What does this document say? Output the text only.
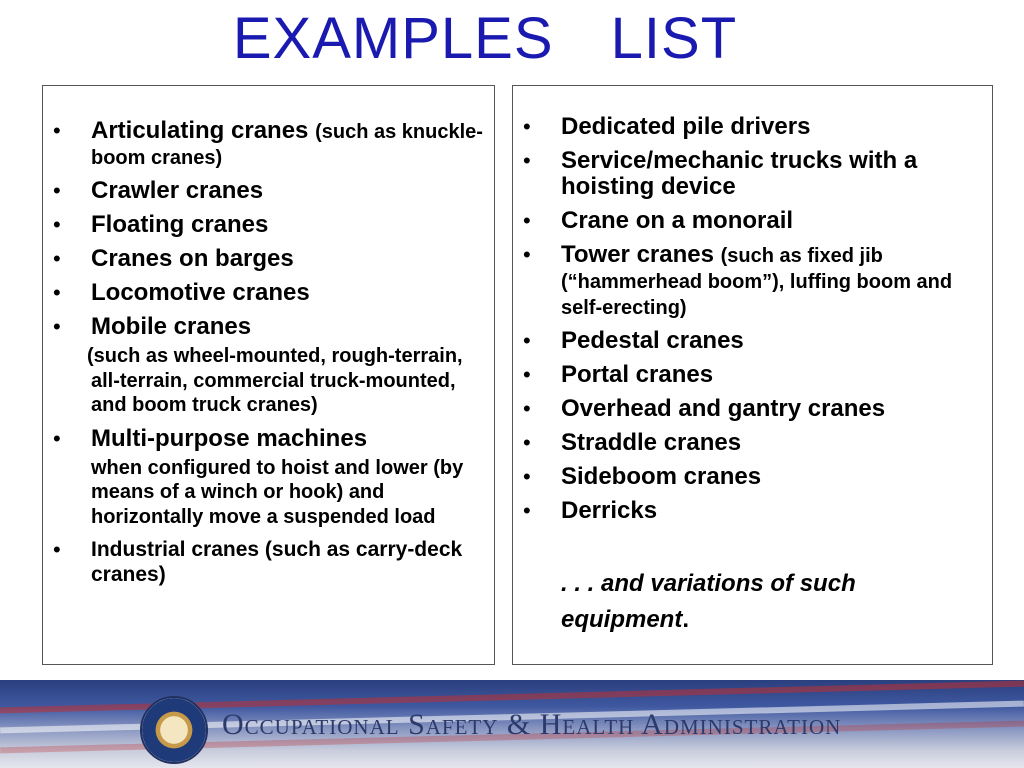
EXAMPLES LIST
• Articulating cranes (such as knuckle-boom cranes)
• Crawler cranes
• Floating cranes
• Cranes on barges
• Locomotive cranes
• Mobile cranes
(such as wheel-mounted, rough-terrain, all-terrain, commercial truck-mounted, and boom truck cranes)
• Multi-purpose machines
when configured to hoist and lower (by means of a winch or hook) and horizontally move a suspended load
• Industrial cranes (such as carry-deck cranes)
• Dedicated pile drivers
• Service/mechanic trucks with a hoisting device
• Crane on a monorail
• Tower cranes (such as fixed jib (“hammerhead boom”), luffing boom and self-erecting)
• Pedestal cranes
• Portal cranes
• Overhead and gantry cranes
• Straddle cranes
• Sideboom cranes
• Derricks
. . . and variations of such equipment.
Occupational Safety & Health Administration
